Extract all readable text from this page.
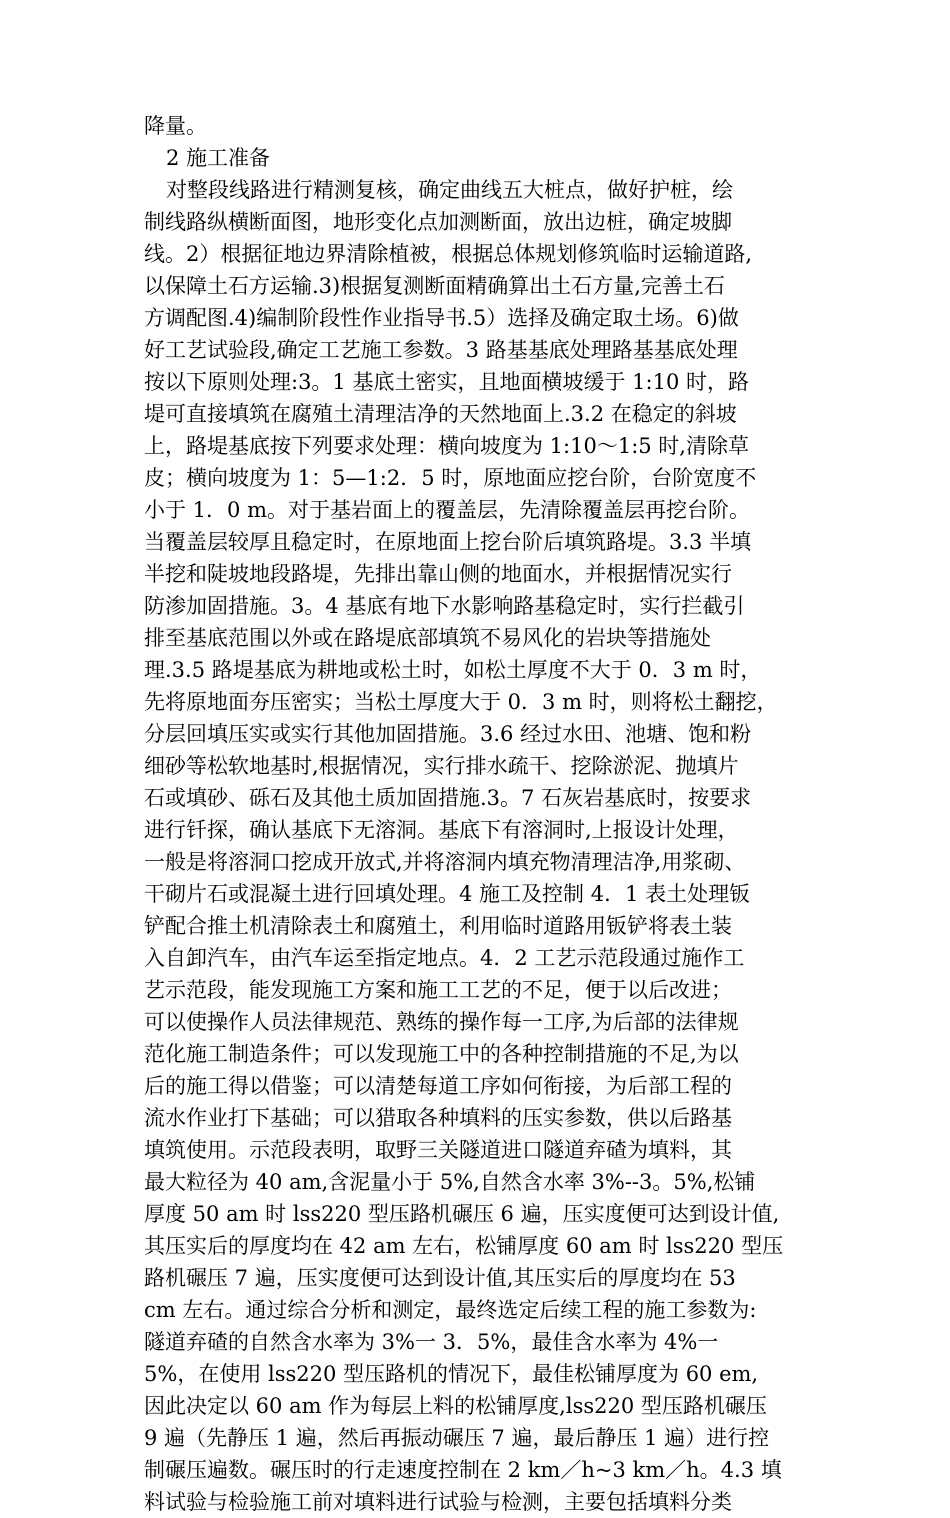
降量。
2 施工准备
对整段线路进行精测复核，确定曲线五大桩点，做好护桩，绘
制线路纵横断面图，地形变化点加测断面，放出边桩，确定坡脚
线。2）根据征地边界清除植被，根据总体规划修筑临时运输道路,
以保障土石方运输.3)根据复测断面精确算出土石方量,完善土石
方调配图.4)编制阶段性作业指导书.5）选择及确定取土场。6)做
好工艺试验段,确定工艺施工参数。3 路基基底处理路基基底处理
按以下原则处理:3。1 基底土密实，且地面横坡缓于 1:10 时，路
堤可直接填筑在腐殖土清理洁净的天然地面上.3.2 在稳定的斜坡
上，路堤基底按下列要求处理：横向坡度为 1:10～1:5 时,清除草
皮；横向坡度为 1：5—1:2．5 时，原地面应挖台阶，台阶宽度不
小于 1．0 m。对于基岩面上的覆盖层，先清除覆盖层再挖台阶。
当覆盖层较厚且稳定时，在原地面上挖台阶后填筑路堤。3.3 半填
半挖和陡坡地段路堤，先排出靠山侧的地面水，并根据情况实行
防渗加固措施。3。4 基底有地下水影响路基稳定时，实行拦截引
排至基底范围以外或在路堤底部填筑不易风化的岩块等措施处
理.3.5 路堤基底为耕地或松土时，如松土厚度不大于 0．3 m 时，
先将原地面夯压密实；当松土厚度大于 0．3 m 时，则将松土翻挖，
分层回填压实或实行其他加固措施。3.6 经过水田、池塘、饱和粉
细砂等松软地基时,根据情况，实行排水疏干、挖除淤泥、抛填片
石或填砂、砾石及其他土质加固措施.3。7 石灰岩基底时，按要求
进行钎探，确认基底下无溶洞。基底下有溶洞时,上报设计处理，
一般是将溶洞口挖成开放式,并将溶洞内填充物清理洁净,用浆砌、
干砌片石或混凝土进行回填处理。4 施工及控制 4．1 表土处理钣
铲配合推土机清除表土和腐殖土，利用临时道路用钣铲将表土装
入自卸汽车，由汽车运至指定地点。4．2 工艺示范段通过施作工
艺示范段，能发现施工方案和施工工艺的不足，便于以后改进；
可以使操作人员法律规范、熟练的操作每一工序,为后部的法律规
范化施工制造条件；可以发现施工中的各种控制措施的不足,为以
后的施工得以借鉴；可以清楚每道工序如何衔接，为后部工程的
流水作业打下基础；可以猎取各种填料的压实参数，供以后路基
填筑使用。示范段表明，取野三关隧道进口隧道弃碴为填料，其
最大粒径为 40 am,含泥量小于 5%,自然含水率 3%--3。5%,松铺
厚度 50 am 时 lss220 型压路机碾压 6 遍，压实度便可达到设计值,
其压实后的厚度均在 42 am 左右，松铺厚度 60 am 时 lss220 型压
路机碾压 7 遍，压实度便可达到设计值,其压实后的厚度均在 53
cm 左右。通过综合分析和测定，最终选定后续工程的施工参数为:
隧道弃碴的自然含水率为 3%一 3．5%，最佳含水率为 4%一
5%，在使用 lss220 型压路机的情况下，最佳松铺厚度为 60 em,
因此决定以 60 am 作为每层上料的松铺厚度,lss220 型压路机碾压
9 遍（先静压 1 遍，然后再振动碾压 7 遍，最后静压 1 遍）进行控
制碾压遍数。碾压时的行走速度控制在 2 km／h~3 km／h。4.3 填
料试验与检验施工前对填料进行试验与检测，主要包括填料分类
